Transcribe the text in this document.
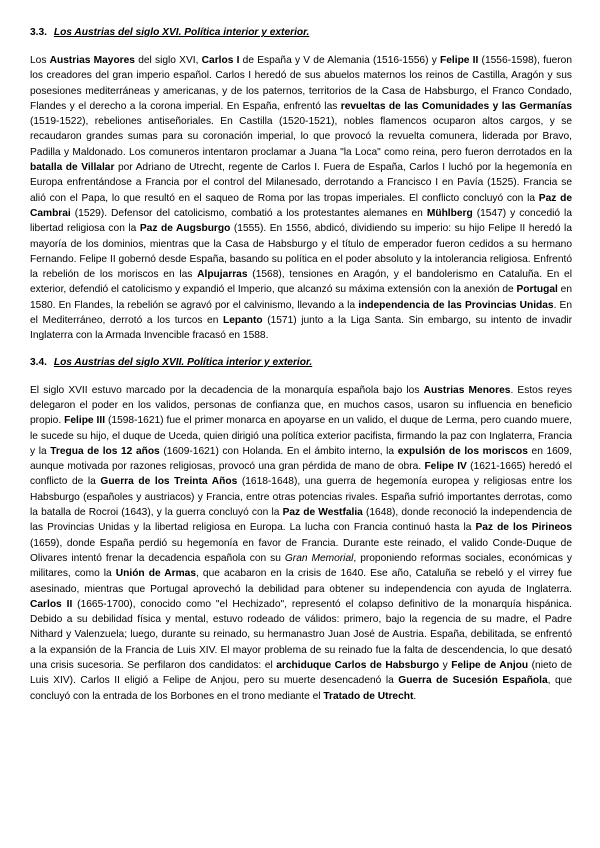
3.3. Los Austrias del siglo XVI. Política interior y exterior.

Los Austrias Mayores del siglo XVI, Carlos I de España y V de Alemania (1516-1556) y Felipe II (1556-1598), fueron los creadores del gran imperio español. Carlos I heredó de sus abuelos maternos los reinos de Castilla, Aragón y sus posesiones mediterráneas y americanas, y de los paternos, territorios de la Casa de Habsburgo, el Franco Condado, Flandes y el derecho a la corona imperial. En España, enfrentó las revueltas de las Comunidades y las Germanías (1519-1522), rebeliones antiseñoriales. En Castilla (1520-1521), nobles flamencos ocuparon altos cargos, y se recaudaron grandes sumas para su coronación imperial, lo que provocó la revuelta comunera, liderada por Bravo, Padilla y Maldonado. Los comuneros intentaron proclamar a Juana "la Loca" como reina, pero fueron derrotados en la batalla de Villalar por Adriano de Utrecht, regente de Carlos I. Fuera de España, Carlos I luchó por la hegemonía en Europa enfrentándose a Francia por el control del Milanesado, derrotando a Francisco I en Pavía (1525). Francia se alió con el Papa, lo que resultó en el saqueo de Roma por las tropas imperiales. El conflicto concluyó con la Paz de Cambrai (1529). Defensor del catolicismo, combatió a los protestantes alemanes en Mühlberg (1547) y concedió la libertad religiosa con la Paz de Augsburgo (1555). En 1556, abdicó, dividiendo su imperio: su hijo Felipe II heredó la mayoría de los dominios, mientras que la Casa de Habsburgo y el título de emperador fueron cedidos a su hermano Fernando. Felipe II gobernó desde España, basando su política en el poder absoluto y la intolerancia religiosa. Enfrentó la rebelión de los moriscos en las Alpujarras (1568), tensiones en Aragón, y el bandolerismo en Cataluña. En el exterior, defendió el catolicismo y expandió el Imperio, que alcanzó su máxima extensión con la anexión de Portugal en 1580. En Flandes, la rebelión se agravó por el calvinismo, llevando a la independencia de las Provincias Unidas. En el Mediterráneo, derrotó a los turcos en Lepanto (1571) junto a la Liga Santa. Sin embargo, su intento de invadir Inglaterra con la Armada Invencible fracasó en 1588.

3.4. Los Austrias del siglo XVII. Política interior y exterior.

El siglo XVII estuvo marcado por la decadencia de la monarquía española bajo los Austrias Menores. Estos reyes delegaron el poder en los validos, personas de confianza que, en muchos casos, usaron su influencia en beneficio propio. Felipe III (1598-1621) fue el primer monarca en apoyarse en un valido, el duque de Lerma, pero cuando muere, le sucede su hijo, el duque de Uceda, quien dirigió una política exterior pacifista, firmando la paz con Inglaterra, Francia y la Tregua de los 12 años (1609-1621) con Holanda. En el ámbito interno, la expulsión de los moriscos en 1609, aunque motivada por razones religiosas, provocó una gran pérdida de mano de obra. Felipe IV (1621-1665) heredó el conflicto de la Guerra de los Treinta Años (1618-1648), una guerra de hegemonía europea y religiosas entre los Habsburgo (españoles y austriacos) y Francia, entre otras potencias rivales. España sufrió importantes derrotas, como la batalla de Rocroi (1643), y la guerra concluyó con la Paz de Westfalia (1648), donde reconoció la independencia de las Provincias Unidas y la libertad religiosa en Europa. La lucha con Francia continuó hasta la Paz de los Pirineos (1659), donde España perdió su hegemonía en favor de Francia. Durante este reinado, el valido Conde-Duque de Olivares intentó frenar la decadencia española con su Gran Memorial, proponiendo reformas sociales, económicas y militares, como la Unión de Armas, que acabaron en la crisis de 1640. Ese año, Cataluña se rebeló y el virrey fue asesinado, mientras que Portugal aprovechó la debilidad para obtener su independencia con ayuda de Inglaterra. Carlos II (1665-1700), conocido como "el Hechizado", representó el colapso definitivo de la monarquía hispánica. Debido a su debilidad física y mental, estuvo rodeado de válidos: primero, bajo la regencia de su madre, el Padre Nithard y Valenzuela; luego, durante su reinado, su hermanastro Juan José de Austria. España, debilitada, se enfrentó a la expansión de la Francia de Luis XIV. El mayor problema de su reinado fue la falta de descendencia, lo que desató una crisis sucesoria. Se perfilaron dos candidatos: el archiduque Carlos de Habsburgo y Felipe de Anjou (nieto de Luis XIV). Carlos II eligió a Felipe de Anjou, pero su muerte desencadenó la Guerra de Sucesión Española, que concluyó con la entrada de los Borbones en el trono mediante el Tratado de Utrecht.
